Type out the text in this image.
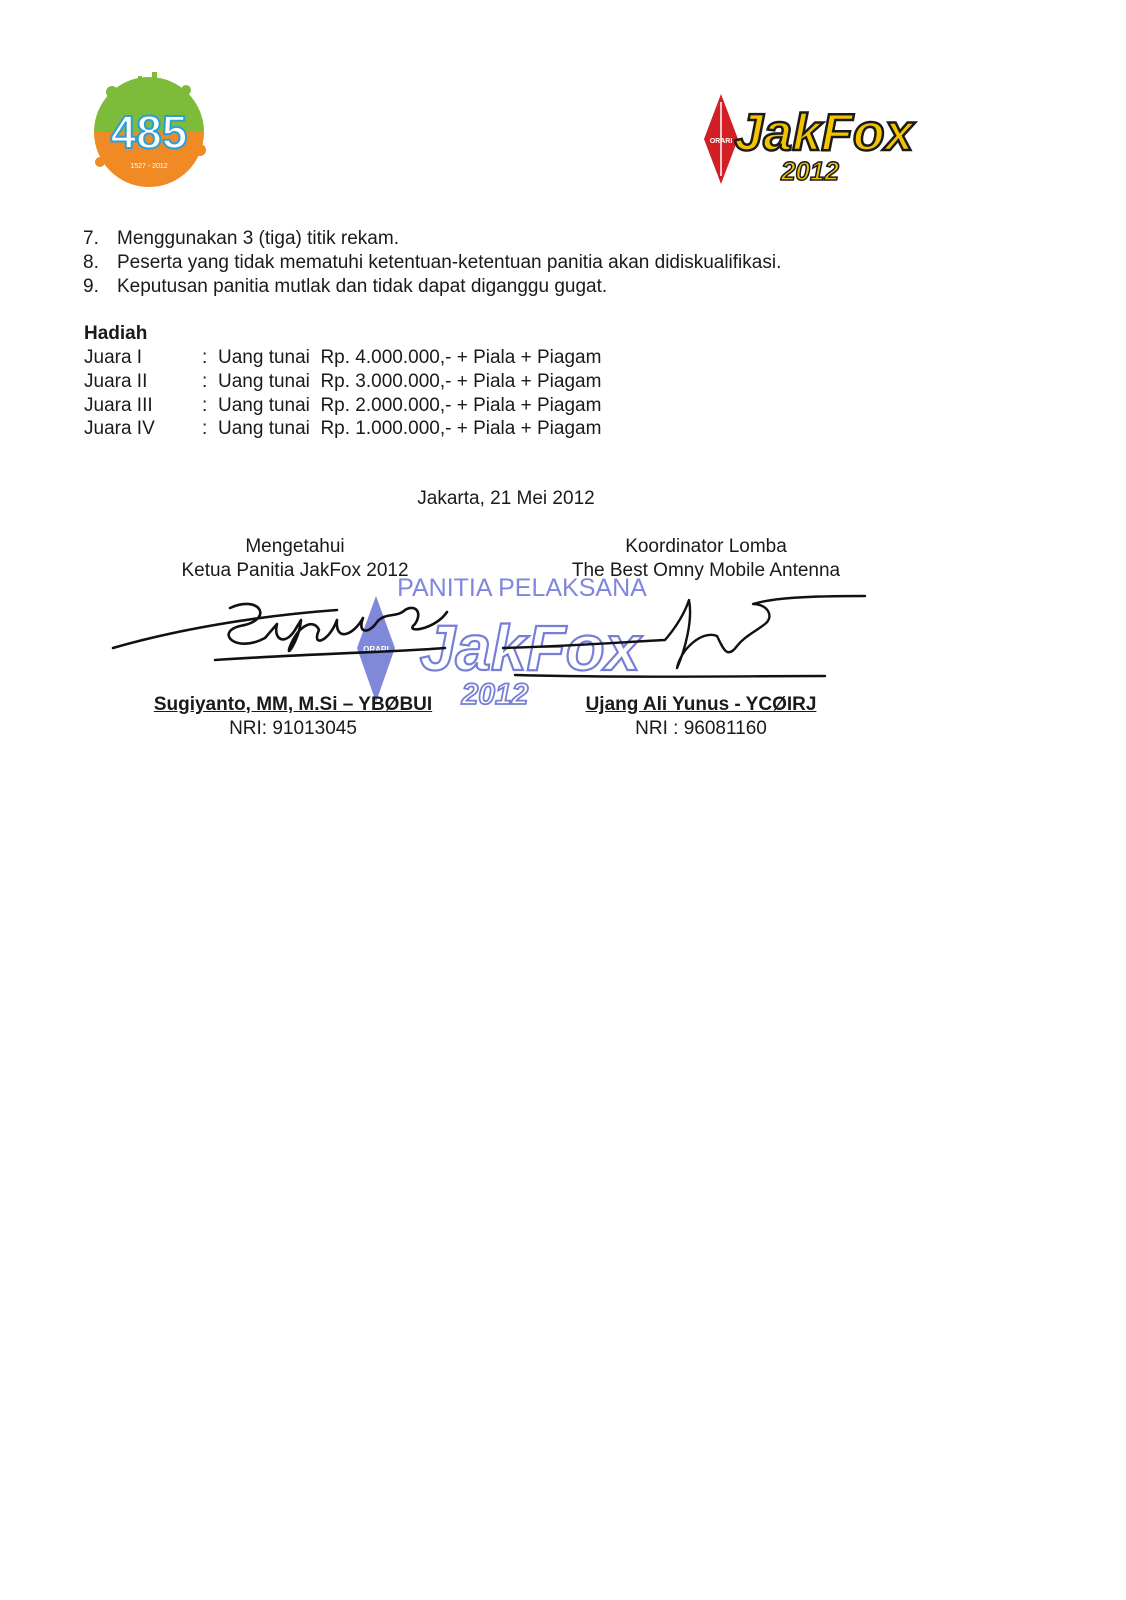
485
1527 - 2012
ORARI JakFox
2012
7. Menggunakan 3 (tiga) titik rekam.
8. Peserta yang tidak mematuhi ketentuan-ketentuan panitia akan didiskualifikasi.
9. Keputusan panitia mutlak dan tidak dapat diganggu gugat.
Hadiah
Juara I	: Uang tunai  Rp. 4.000.000,- + Piala + Piagam
Juara II	: Uang tunai  Rp. 3.000.000,- + Piala + Piagam
Juara III	: Uang tunai  Rp. 2.000.000,- + Piala + Piagam
Juara IV : Uang tunai  Rp. 1.000.000,- + Piala + Piagam
Jakarta, 21 Mei 2012
Mengetahui
Ketua Panitia JakFox 2012
Koordinator Lomba
The Best Omny Mobile Antenna
PANITIA PELAKSANA
ORARI JakFox
2012
Sugiyanto, MM, M.Si – YBØBUI
NRI: 91013045
Ujang Ali Yunus - YCØIRJ
NRI : 96081160
